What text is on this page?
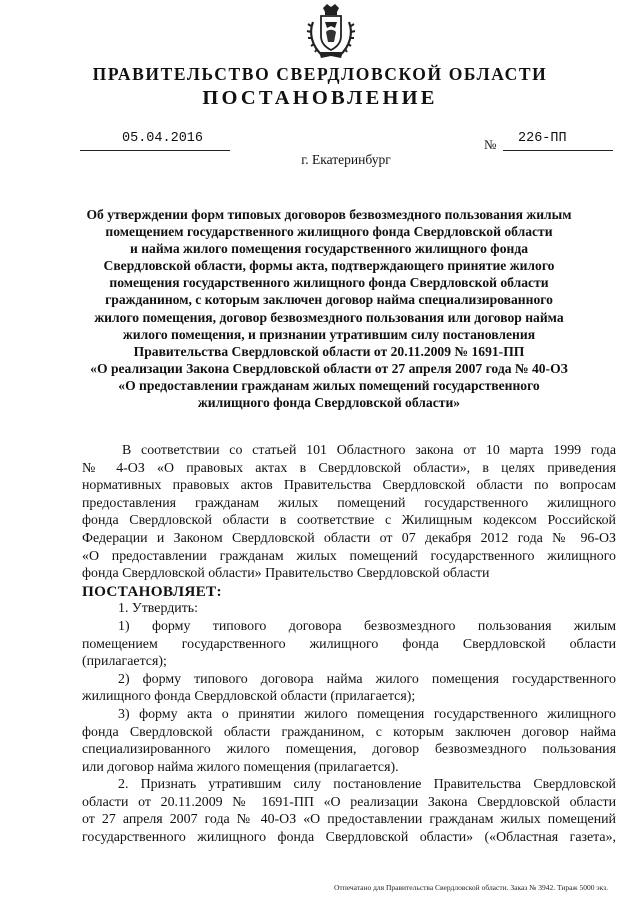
ПРАВИТЕЛЬСТВО СВЕРДЛОВСКОЙ ОБЛАСТИ
ПОСТАНОВЛЕНИЕ
05.04.2016	№ 226-ПП
г. Екатеринбург
Об утверждении форм типовых договоров безвозмездного пользования жилым
помещением государственного жилищного фонда Свердловской области
и найма жилого помещения государственного жилищного фонда
Свердловской области, формы акта, подтверждающего принятие жилого
помещения государственного жилищного фонда Свердловской области
гражданином, с которым заключен договор найма специализированного
жилого помещения, договор безвозмездного пользования или договор найма
жилого помещения, и признании утратившим силу постановления
Правительства Свердловской области от 20.11.2009 № 1691-ПП
«О реализации Закона Свердловской области от 27 апреля 2007 года № 40-ОЗ
«О предоставлении гражданам жилых помещений государственного
жилищного фонда Свердловской области»
В соответствии со статьей 101 Областного закона от 10 марта 1999 года
№ 4-ОЗ «О правовых актах в Свердловской области», в целях приведения
нормативных правовых актов Правительства Свердловской области по вопросам
предоставления гражданам жилых помещений государственного жилищного
фонда Свердловской области в соответствие с Жилищным кодексом Российской
Федерации и Законом Свердловской области от 07 декабря 2012 года № 96-ОЗ
«О предоставлении гражданам жилых помещений государственного жилищного
фонда Свердловской области» Правительство Свердловской области
ПОСТАНОВЛЯЕТ:
1. Утвердить:
1) форму типового договора безвозмездного пользования жилым
помещением государственного жилищного фонда Свердловской области
(прилагается);
2) форму типового договора найма жилого помещения государственного
жилищного фонда Свердловской области (прилагается);
3) форму акта о принятии жилого помещения государственного жилищного
фонда Свердловской области гражданином, с которым заключен договор найма
специализированного жилого помещения, договор безвозмездного пользования
или договор найма жилого помещения (прилагается).
2. Признать утратившим силу постановление Правительства Свердловской
области от 20.11.2009 № 1691-ПП «О реализации Закона Свердловской области
от 27 апреля 2007 года № 40-ОЗ «О предоставлении гражданам жилых помещений
государственного жилищного фонда Свердловской области» («Областная газета»,
Отпечатано для Правительства Свердловской области. Заказ № 3942. Тираж 5000 экз.
